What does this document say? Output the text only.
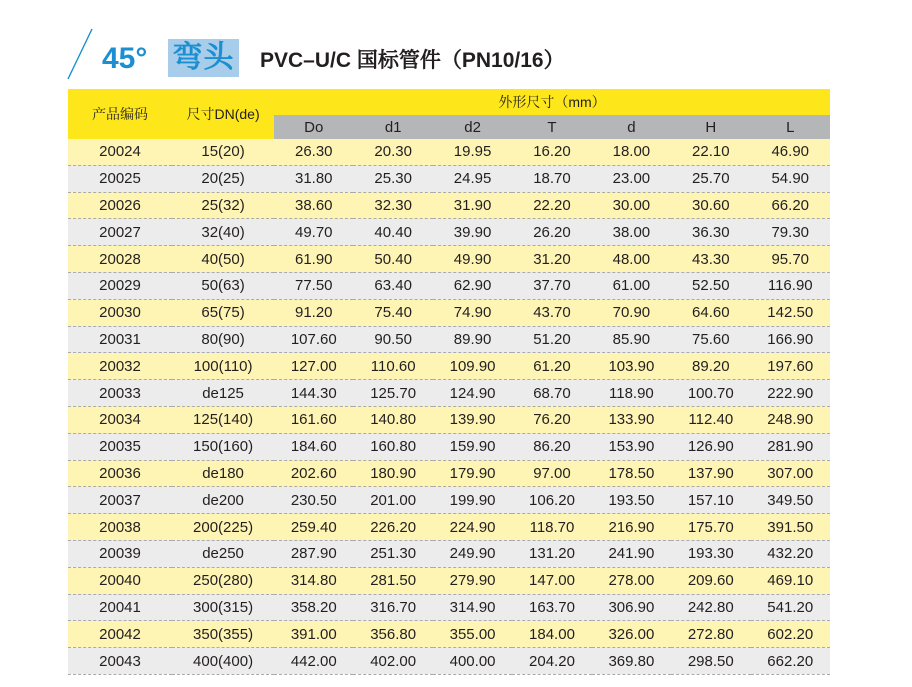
45° 弯头 PVC–U/C 国标管件（PN10/16）
产品编码	尺寸DN(de)	外形尺寸（mm）						
		Do	d1	d2	T	d	H	L
20024	15(20)	26.30	20.30	19.95	16.20	18.00	22.10	46.90
20025	20(25)	31.80	25.30	24.95	18.70	23.00	25.70	54.90
20026	25(32)	38.60	32.30	31.90	22.20	30.00	30.60	66.20
20027	32(40)	49.70	40.40	39.90	26.20	38.00	36.30	79.30
20028	40(50)	61.90	50.40	49.90	31.20	48.00	43.30	95.70
20029	50(63)	77.50	63.40	62.90	37.70	61.00	52.50	116.90
20030	65(75)	91.20	75.40	74.90	43.70	70.90	64.60	142.50
20031	80(90)	107.60	90.50	89.90	51.20	85.90	75.60	166.90
20032	100(110)	127.00	110.60	109.90	61.20	103.90	89.20	197.60
20033	de125	144.30	125.70	124.90	68.70	118.90	100.70	222.90
20034	125(140)	161.60	140.80	139.90	76.20	133.90	112.40	248.90
20035	150(160)	184.60	160.80	159.90	86.20	153.90	126.90	281.90
20036	de180	202.60	180.90	179.90	97.00	178.50	137.90	307.00
20037	de200	230.50	201.00	199.90	106.20	193.50	157.10	349.50
20038	200(225)	259.40	226.20	224.90	118.70	216.90	175.70	391.50
20039	de250	287.90	251.30	249.90	131.20	241.90	193.30	432.20
20040	250(280)	314.80	281.50	279.90	147.00	278.00	209.60	469.10
20041	300(315)	358.20	316.70	314.90	163.70	306.90	242.80	541.20
20042	350(355)	391.00	356.80	355.00	184.00	326.00	272.80	602.20
20043	400(400)	442.00	402.00	400.00	204.20	369.80	298.50	662.20
